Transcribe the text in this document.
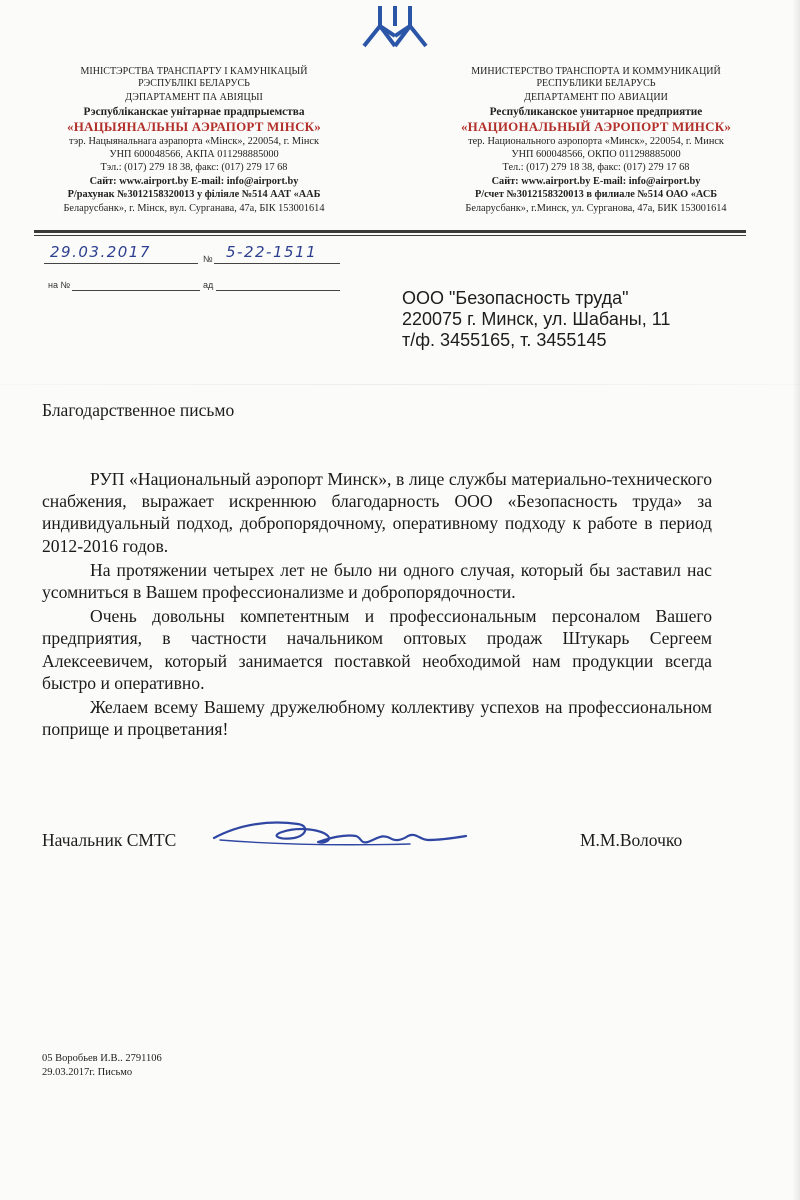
МІНІСТЭРСТВА ТРАНСПАРТУ І КАМУНІКАЦЫЙ
РЭСПУБЛІКІ БЕЛАРУСЬ
ДЭПАРТАМЕНТ ПА АВІЯЦЫІ
Рэспубліканскае унітарнае прадпрыемства
«НАЦЫЯНАЛЬНЫ АЭРАПОРТ МІНСК»
тэр. Нацыянальнага аэрапорта «Мінск», 220054, г. Мінск
УНП 600048566, АКПА 011298885000
Тэл.: (017) 279 18 38, факс: (017) 279 17 68
Сайт: www.airport.by E-mail: info@airport.by
Р/рахунак №3012158320013 у філіяле №514 ААТ «ААБ
Беларусбанк», г. Мінск, вул. Сурганава, 47а, БІК 153001614
МИНИСТЕРСТВО ТРАНСПОРТА И КОММУНИКАЦИЙ
РЕСПУБЛИКИ БЕЛАРУСЬ
ДЕПАРТАМЕНТ ПО АВИАЦИИ
Республиканское унитарное предприятие
«НАЦИОНАЛЬНЫЙ АЭРОПОРТ МИНСК»
тер. Национального аэропорта «Минск», 220054, г. Минск
УНП 600048566, ОКПО 011298885000
Тел.: (017) 279 18 38, факс: (017) 279 17 68
Сайт: www.airport.by E-mail: info@airport.by
Р/счет №3012158320013 в филиале №514 ОАО «АСБ
Беларусбанк», г.Минск, ул. Сурганова, 47а, БИК 153001614
29.03.2017	№ 5-22-1511
на №	ад
ООО "Безопасность труда"
220075 г. Минск, ул. Шабаны, 11
т/ф. 3455165, т. 3455145
Благодарственное письмо

РУП «Национальный аэропорт Минск», в лице службы материально-технического снабжения, выражает искреннюю благодарность ООО «Безопасность труда» за индивидуальный подход, добропорядочному, оперативному подходу к работе в период 2012-2016 годов.

На протяжении четырех лет не было ни одного случая, который бы заставил нас усомниться в Вашем профессионализме и добропорядочности.

Очень довольны компетентным и профессиональным персоналом Вашего предприятия, в частности начальником оптовых продаж Штукарь Сергеем Алексеевичем, который занимается поставкой необходимой нам продукции всегда быстро и оперативно.

Желаем всему Вашему дружелюбному коллективу успехов на профессиональном поприще и процветания!

Начальник СМТС	М.М.Волочко
05 Воробьев И.В.. 2791106
29.03.2017г. Письмо
